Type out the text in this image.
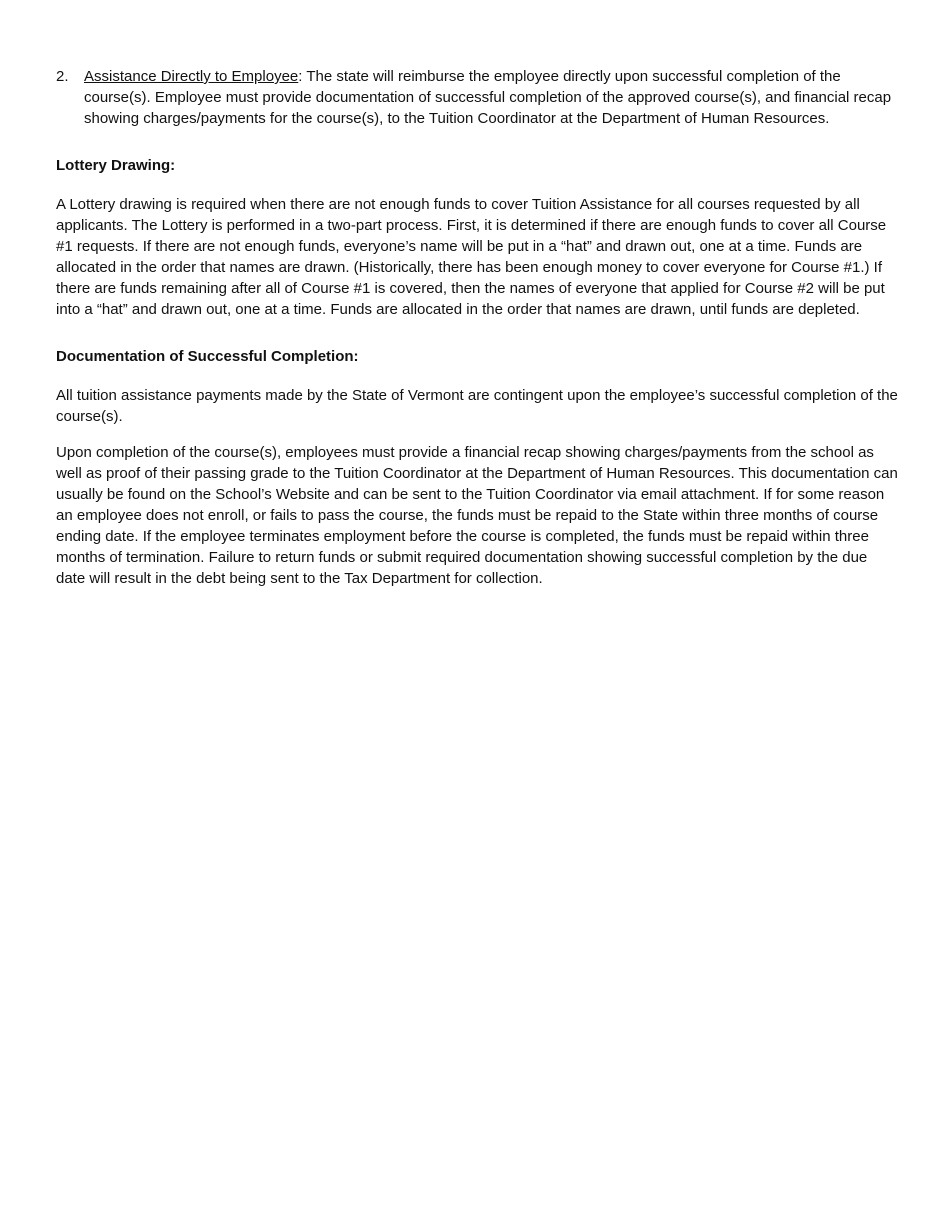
2.	Assistance Directly to Employee: The state will reimburse the employee directly upon successful completion of the course(s). Employee must provide documentation of successful completion of the approved course(s), and financial recap showing charges/payments for the course(s), to the Tuition Coordinator at the Department of Human Resources.

Lottery Drawing:

A Lottery drawing is required when there are not enough funds to cover Tuition Assistance for all courses requested by all applicants. The Lottery is performed in a two-part process. First, it is determined if there are enough funds to cover all Course #1 requests. If there are not enough funds, everyone’s name will be put in a “hat” and drawn out, one at a time. Funds are allocated in the order that names are drawn. (Historically, there has been enough money to cover everyone for Course #1.) If there are funds remaining after all of Course #1 is covered, then the names of everyone that applied for Course #2 will be put into a “hat” and drawn out, one at a time. Funds are allocated in the order that names are drawn, until funds are depleted.

Documentation of Successful Completion:

All tuition assistance payments made by the State of Vermont are contingent upon the employee’s successful completion of the course(s).

Upon completion of the course(s), employees must provide a financial recap showing charges/payments from the school as well as proof of their passing grade to the Tuition Coordinator at the Department of Human Resources. This documentation can usually be found on the School’s Website and can be sent to the Tuition Coordinator via email attachment. If for some reason an employee does not enroll, or fails to pass the course, the funds must be repaid to the State within three months of course ending date. If the employee terminates employment before the course is completed, the funds must be repaid within three months of termination. Failure to return funds or submit required documentation showing successful completion by the due date will result in the debt being sent to the Tax Department for collection.
